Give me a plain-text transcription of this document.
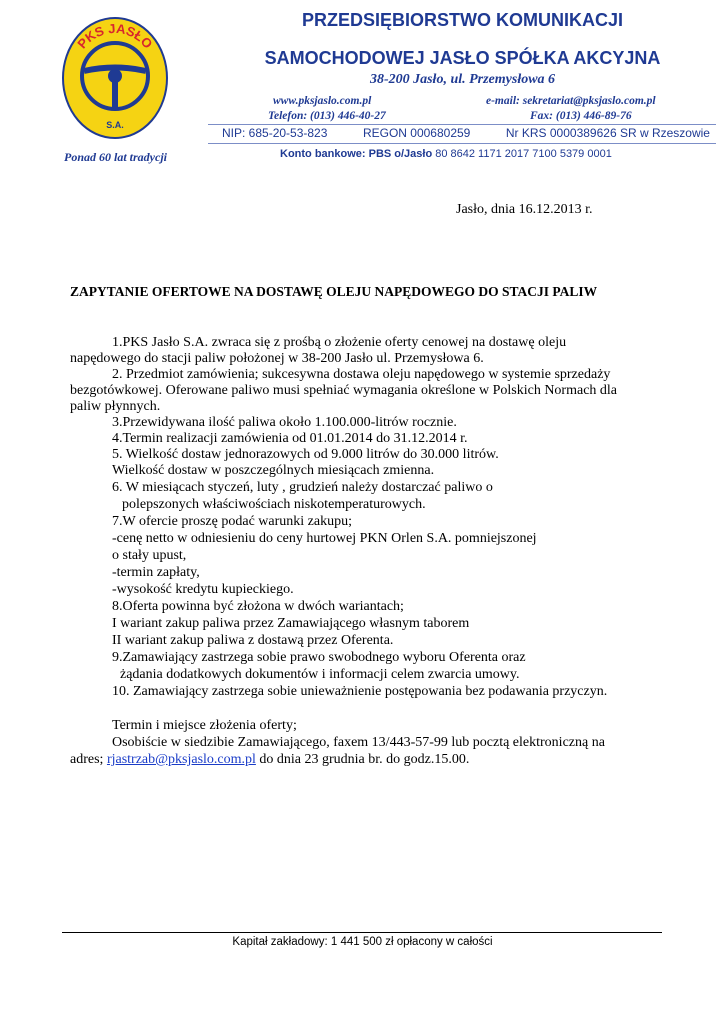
PKS JASŁO
S.A.
Ponad 60 lat tradycji
PRZEDSIĘBIORSTWO KOMUNIKACJI
SAMOCHODOWEJ JASŁO SPÓŁKA AKCYJNA
38-200 Jasło, ul. Przemysłowa 6
www.pksjaslo.com.pl
Telefon: (013) 446-40-27
e-mail: sekretariat@pksjaslo.com.pl
Fax: (013) 446-89-76
NIP: 685-20-53-823	REGON 000680259	Nr KRS 0000389626 SR w Rzeszowie
Konto bankowe: PBS o/Jasło 80 8642 1171 2017 7100 5379 0001
Jasło, dnia 16.12.2013 r.
ZAPYTANIE OFERTOWE NA DOSTAWĘ OLEJU NAPĘDOWEGO DO STACJI PALIW
1.PKS Jasło S.A. zwraca się z prośbą o złożenie oferty cenowej na dostawę oleju
napędowego do stacji paliw położonej w 38-200 Jasło ul. Przemysłowa 6.
2. Przedmiot zamówienia; sukcesywna dostawa oleju napędowego w systemie sprzedaży
bezgotówkowej. Oferowane paliwo musi spełniać wymagania określone w Polskich Normach dla
paliw płynnych.
3.Przewidywana ilość paliwa około 1.100.000-litrów rocznie.
4.Termin realizacji zamówienia od 01.01.2014 do 31.12.2014 r.
5. Wielkość dostaw jednorazowych od 9.000 litrów do 30.000 litrów.
Wielkość dostaw w poszczególnych miesiącach zmienna.
6. W miesiącach styczeń, luty , grudzień należy dostarczać paliwo o
polepszonych właściwościach niskotemperaturowych.
7.W ofercie proszę podać warunki zakupu;
-cenę netto w odniesieniu do ceny hurtowej PKN Orlen S.A. pomniejszonej
o stały upust,
-termin zapłaty,
-wysokość kredytu kupieckiego.
8.Oferta powinna być złożona w dwóch wariantach;
I wariant zakup paliwa przez Zamawiającego własnym taborem
II wariant zakup paliwa z dostawą przez Oferenta.
9.Zamawiający zastrzega sobie prawo swobodnego wyboru Oferenta oraz
żądania dodatkowych dokumentów i informacji celem zwarcia umowy.
10. Zamawiający zastrzega sobie unieważnienie postępowania bez podawania przyczyn.
Termin i miejsce złożenia oferty;
Osobiście w siedzibie Zamawiającego, faxem 13/443-57-99 lub pocztą elektroniczną na
adres; rjastrzab@pksjaslo.com.pl do dnia 23 grudnia br. do godz.15.00.
Kapitał zakładowy: 1 441 500 zł opłacony w całości
